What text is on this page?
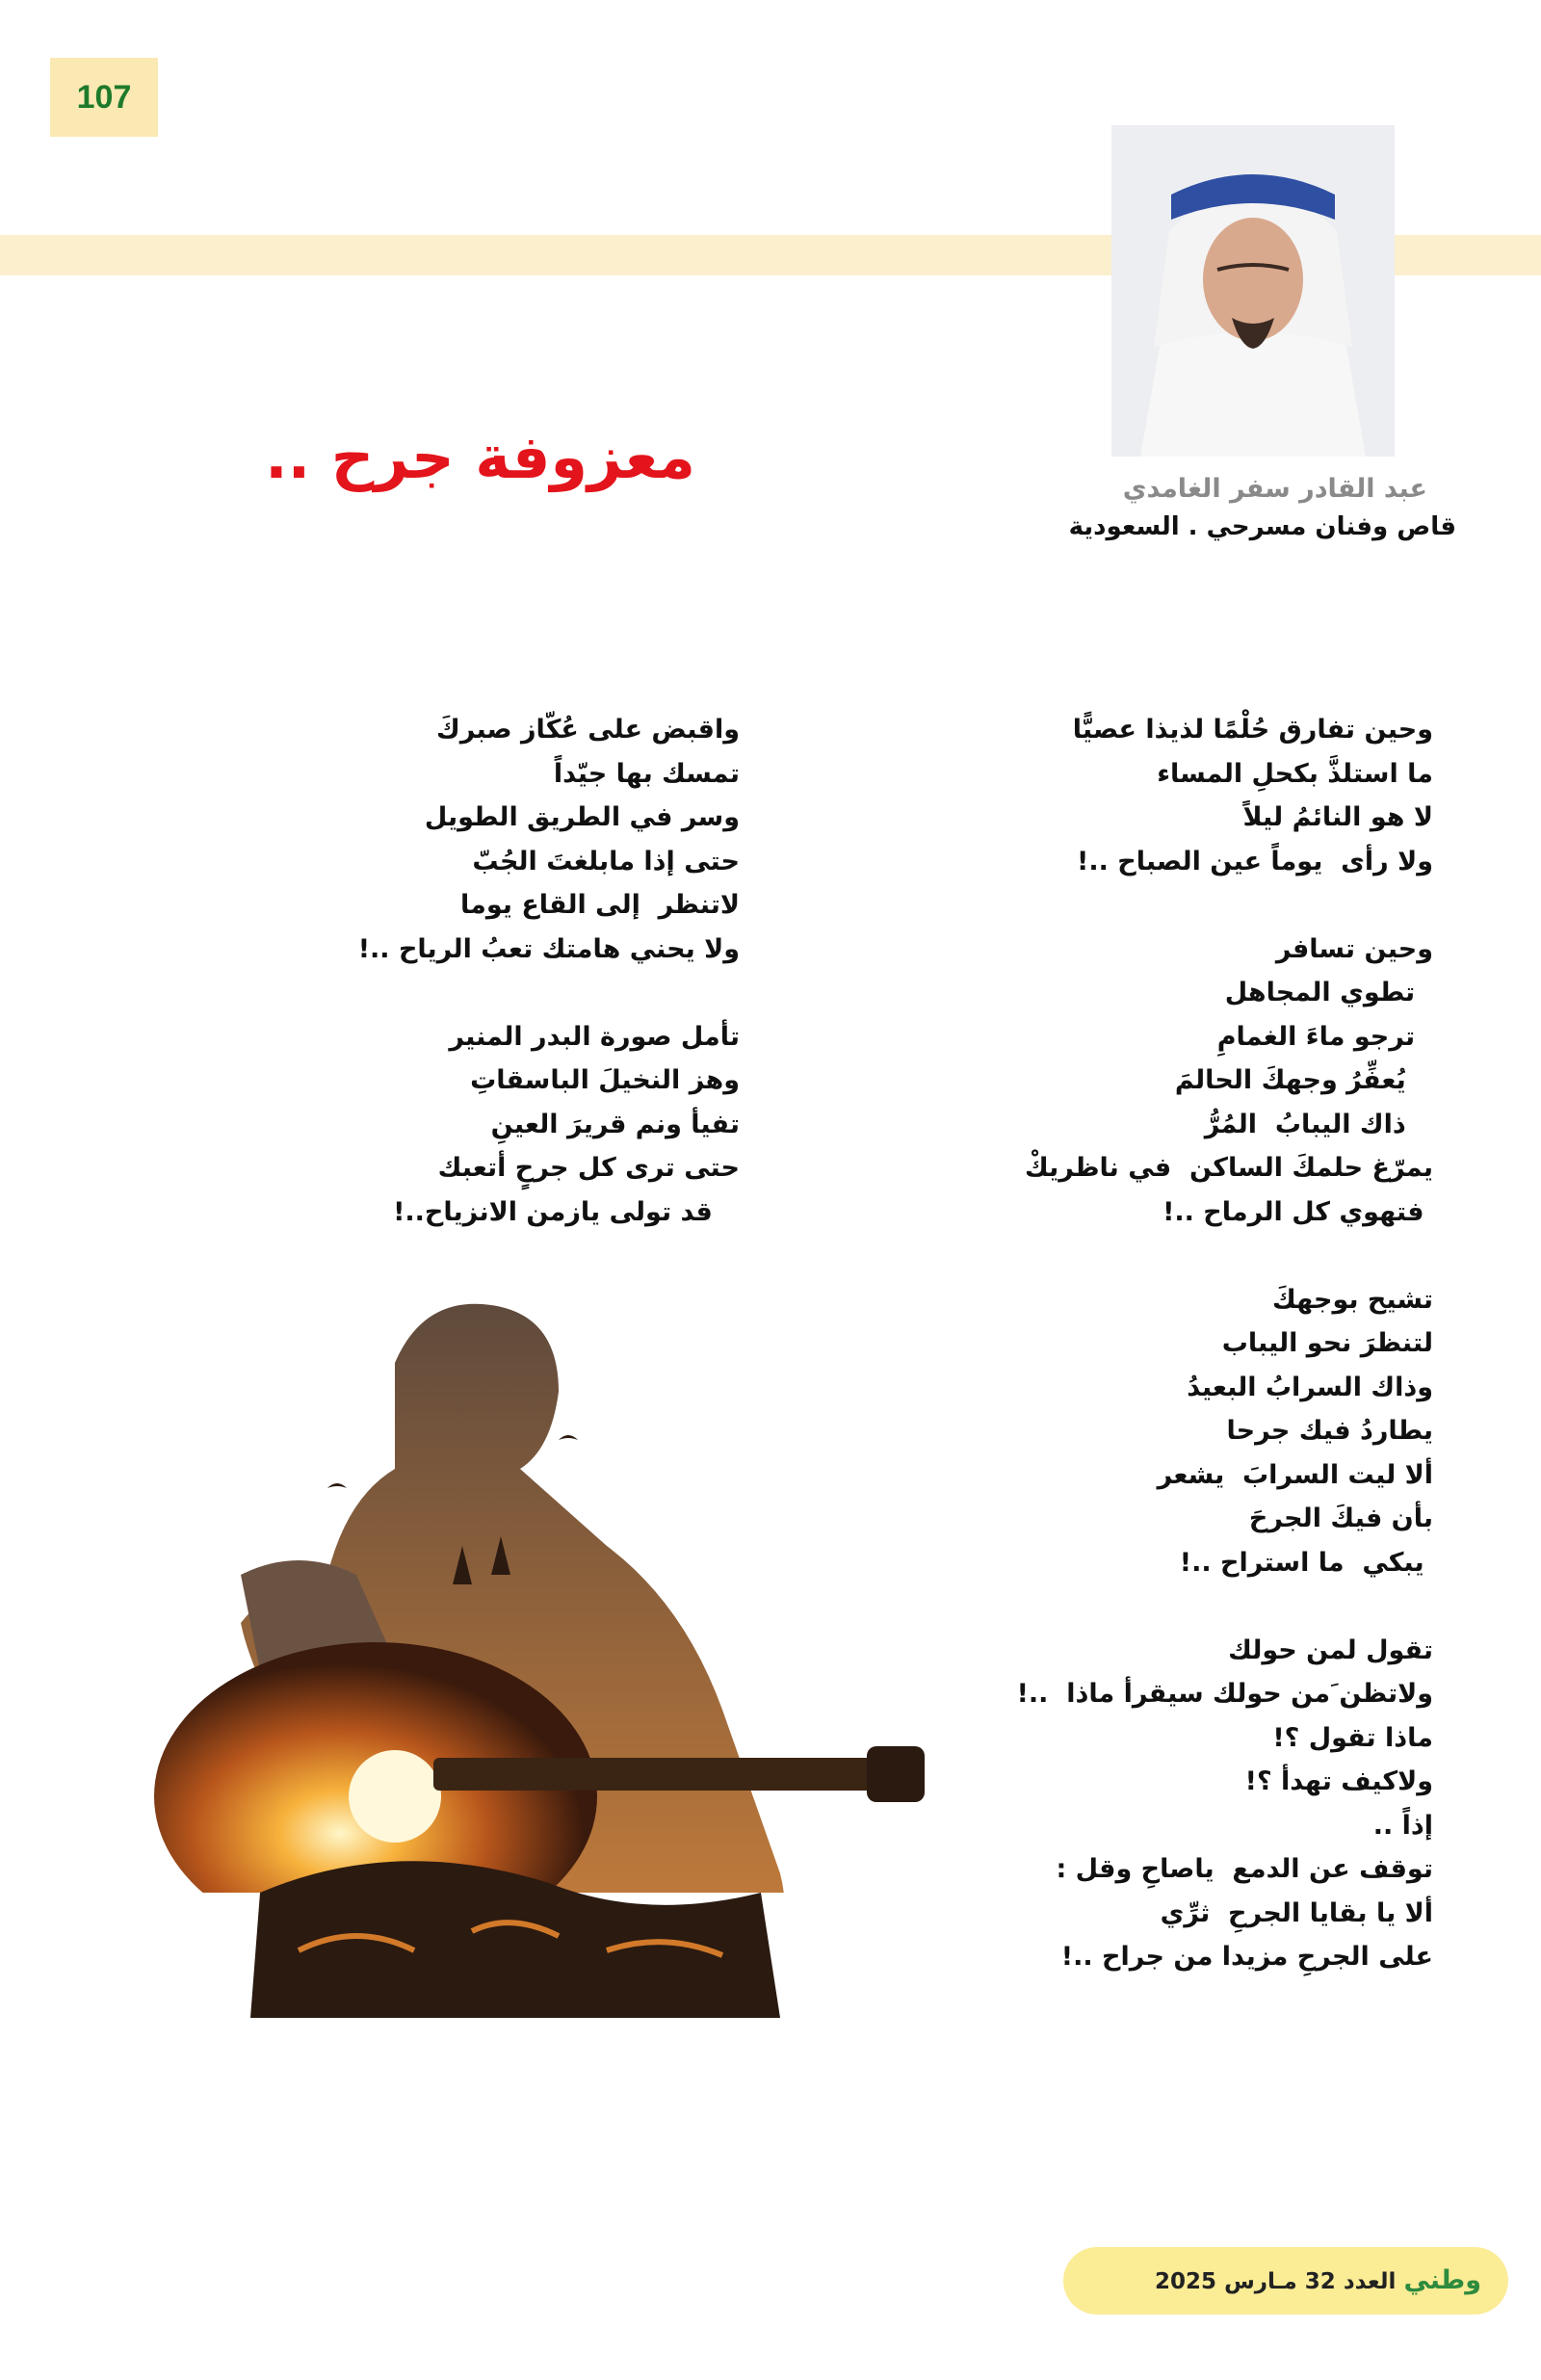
107
عبد القادر سفر الغامدي
قاص وفنان مسرحي . السعودية
معزوفة جرح ..
وحين تفارق حُلْمًا لذيذا عصيًّا
ما استلذَّ بكحلِ المساء
لا هو النائمُ ليلاً
ولا رأى  يوماً عين الصباح ..!
وحين تسافر
تطوي المجاهل
ترجو ماءَ الغمامِ
يُعفِّرُ وجهكَ الحالمَ
ذاك اليبابُ  المُرُّ
يمرّغ حلمكَ الساكن  في ناظريكْ
فتهوي كل الرماح ..!
تشيح بوجهكَ
لتنظرَ نحو اليباب
وذاك السرابُ البعيدُ
يطاردُ فيك جرحا
ألا ليت السرابَ  يشعر
بأن فيكَ الجرحَ
يبكي  ما استراح ..!
تقول لمن حولك
ولاتظن َمن حولك سيقرأ ماذا  ..!
ماذا تقول ؟!
ولاكيف تهدأ ؟!
إذاً ..
توقف عن الدمع  ياصاحِ وقل :
ألا يا بقايا الجرحِ  ثرِّي
على الجرحِ مزيدا من جراح ..!
واقبض على عُكّاز صبركَ
تمسك بها جيّداً
وسر في الطريق الطويل
حتى إذا مابلغتَ الجُبّ
لاتنظر  إلى القاع يوما
ولا يحني هامتك تعبُ الرياح ..!
تأمل صورة البدر المنير
وهز النخيلَ الباسقاتِ
تفيأ ونم قريرَ العينِ
حتى ترى كل جرحٍ أتعبك
قد تولى يازمن الانزياح..!
وطني العدد 32 مـارس 2025
